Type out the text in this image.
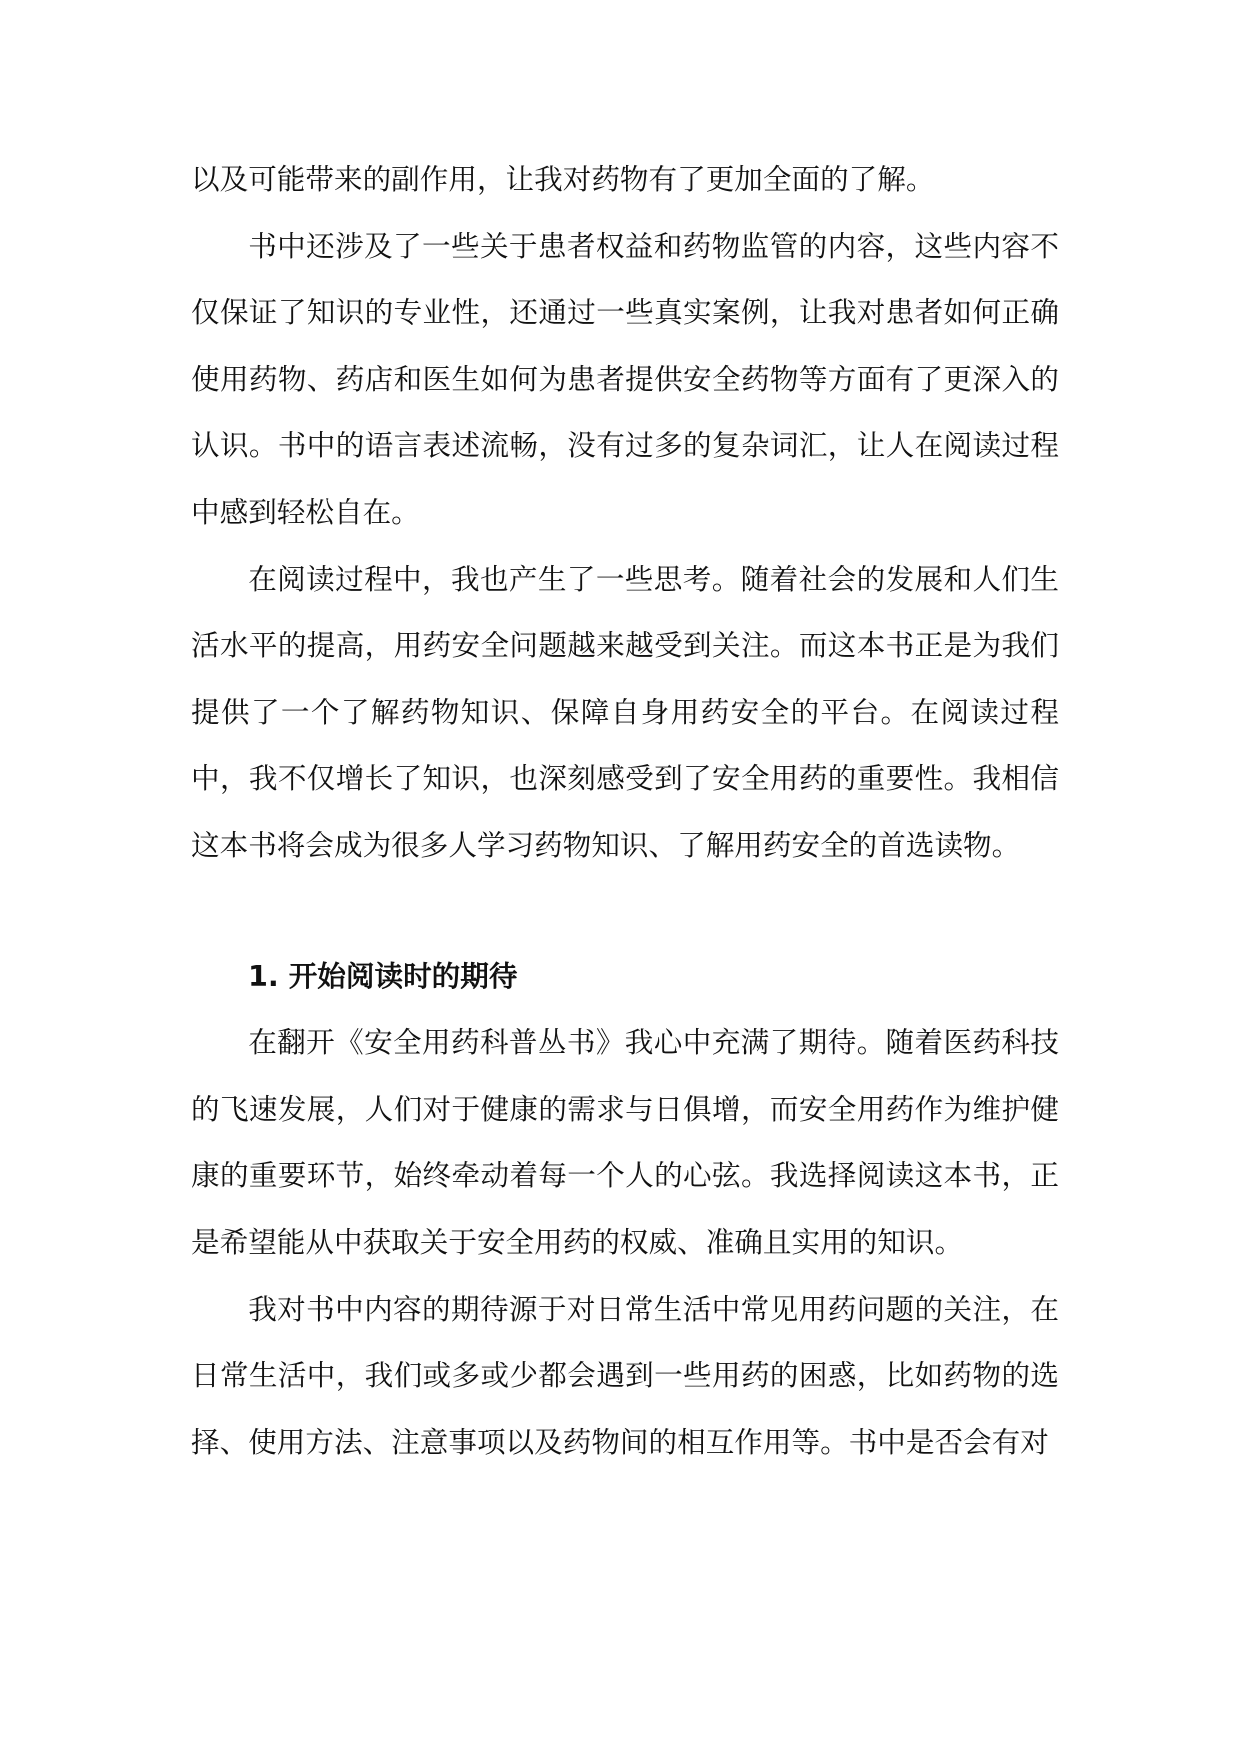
以及可能带来的副作用，让我对药物有了更加全面的了解。

书中还涉及了一些关于患者权益和药物监管的内容，这些内容不仅保证了知识的专业性，还通过一些真实案例，让我对患者如何正确使用药物、药店和医生如何为患者提供安全药物等方面有了更深入的认识。书中的语言表述流畅，没有过多的复杂词汇，让人在阅读过程中感到轻松自在。

在阅读过程中，我也产生了一些思考。随着社会的发展和人们生活水平的提高，用药安全问题越来越受到关注。而这本书正是为我们提供了一个了解药物知识、保障自身用药安全的平台。在阅读过程中，我不仅增长了知识，也深刻感受到了安全用药的重要性。我相信这本书将会成为很多人学习药物知识、了解用药安全的首选读物。

1. 开始阅读时的期待

在翻开《安全用药科普丛书》我心中充满了期待。随着医药科技的飞速发展，人们对于健康的需求与日俱增，而安全用药作为维护健康的重要环节，始终牵动着每一个人的心弦。我选择阅读这本书，正是希望能从中获取关于安全用药的权威、准确且实用的知识。

我对书中内容的期待源于对日常生活中常见用药问题的关注，在日常生活中，我们或多或少都会遇到一些用药的困惑，比如药物的选择、使用方法、注意事项以及药物间的相互作用等。书中是否会有对
